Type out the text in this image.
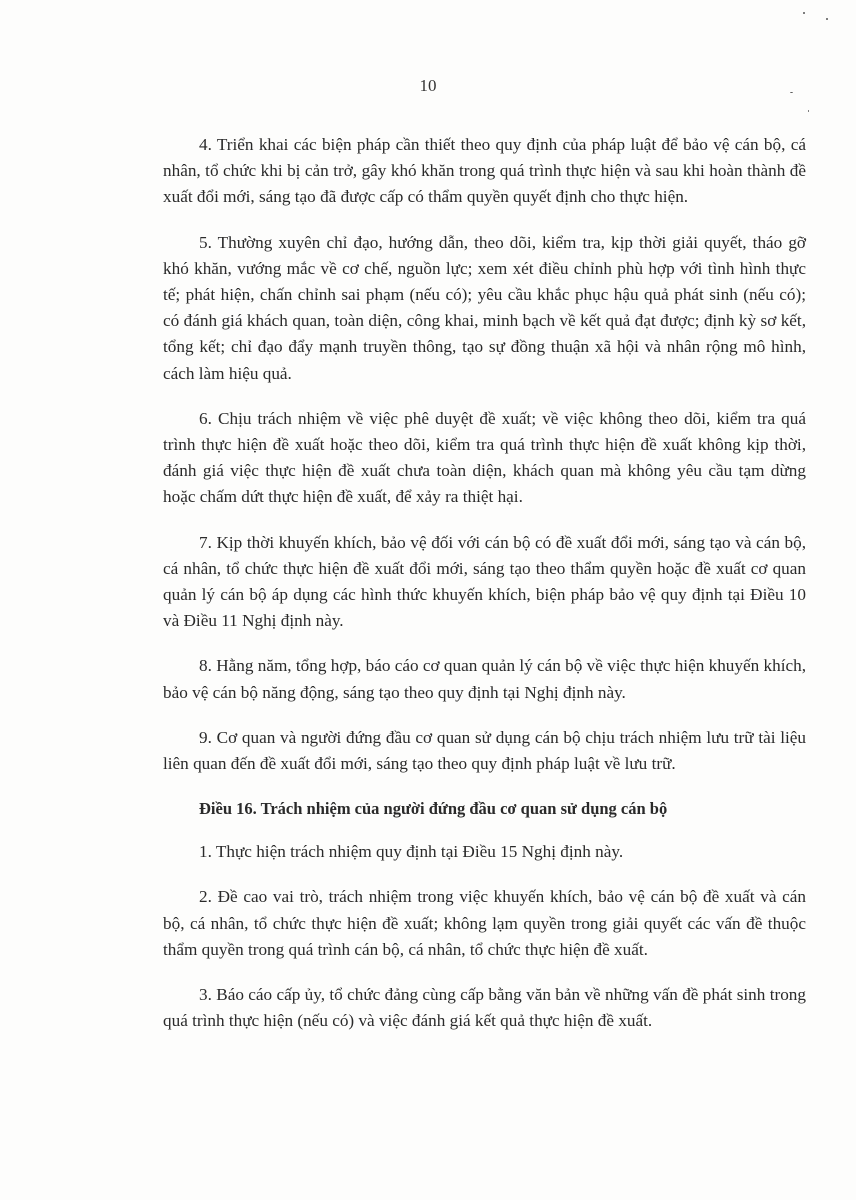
10

4. Triển khai các biện pháp cần thiết theo quy định của pháp luật để bảo vệ cán bộ, cá nhân, tổ chức khi bị cản trở, gây khó khăn trong quá trình thực hiện và sau khi hoàn thành đề xuất đổi mới, sáng tạo đã được cấp có thẩm quyền quyết định cho thực hiện.

5. Thường xuyên chỉ đạo, hướng dẫn, theo dõi, kiểm tra, kịp thời giải quyết, tháo gỡ khó khăn, vướng mắc về cơ chế, nguồn lực; xem xét điều chỉnh phù hợp với tình hình thực tế; phát hiện, chấn chỉnh sai phạm (nếu có); yêu cầu khắc phục hậu quả phát sinh (nếu có); có đánh giá khách quan, toàn diện, công khai, minh bạch về kết quả đạt được; định kỳ sơ kết, tổng kết; chỉ đạo đẩy mạnh truyền thông, tạo sự đồng thuận xã hội và nhân rộng mô hình, cách làm hiệu quả.

6. Chịu trách nhiệm về việc phê duyệt đề xuất; về việc không theo dõi, kiểm tra quá trình thực hiện đề xuất hoặc theo dõi, kiểm tra quá trình thực hiện đề xuất không kịp thời, đánh giá việc thực hiện đề xuất chưa toàn diện, khách quan mà không yêu cầu tạm dừng hoặc chấm dứt thực hiện đề xuất, để xảy ra thiệt hại.

7. Kịp thời khuyến khích, bảo vệ đối với cán bộ có đề xuất đổi mới, sáng tạo và cán bộ, cá nhân, tổ chức thực hiện đề xuất đổi mới, sáng tạo theo thẩm quyền hoặc đề xuất cơ quan quản lý cán bộ áp dụng các hình thức khuyến khích, biện pháp bảo vệ quy định tại Điều 10 và Điều 11 Nghị định này.

8. Hằng năm, tổng hợp, báo cáo cơ quan quản lý cán bộ về việc thực hiện khuyến khích, bảo vệ cán bộ năng động, sáng tạo theo quy định tại Nghị định này.

9. Cơ quan và người đứng đầu cơ quan sử dụng cán bộ chịu trách nhiệm lưu trữ tài liệu liên quan đến đề xuất đổi mới, sáng tạo theo quy định pháp luật về lưu trữ.

Điều 16. Trách nhiệm của người đứng đầu cơ quan sử dụng cán bộ

1. Thực hiện trách nhiệm quy định tại Điều 15 Nghị định này.

2. Đề cao vai trò, trách nhiệm trong việc khuyến khích, bảo vệ cán bộ đề xuất và cán bộ, cá nhân, tổ chức thực hiện đề xuất; không lạm quyền trong giải quyết các vấn đề thuộc thẩm quyền trong quá trình cán bộ, cá nhân, tổ chức thực hiện đề xuất.

3. Báo cáo cấp ủy, tổ chức đảng cùng cấp bằng văn bản về những vấn đề phát sinh trong quá trình thực hiện (nếu có) và việc đánh giá kết quả thực hiện đề xuất.
